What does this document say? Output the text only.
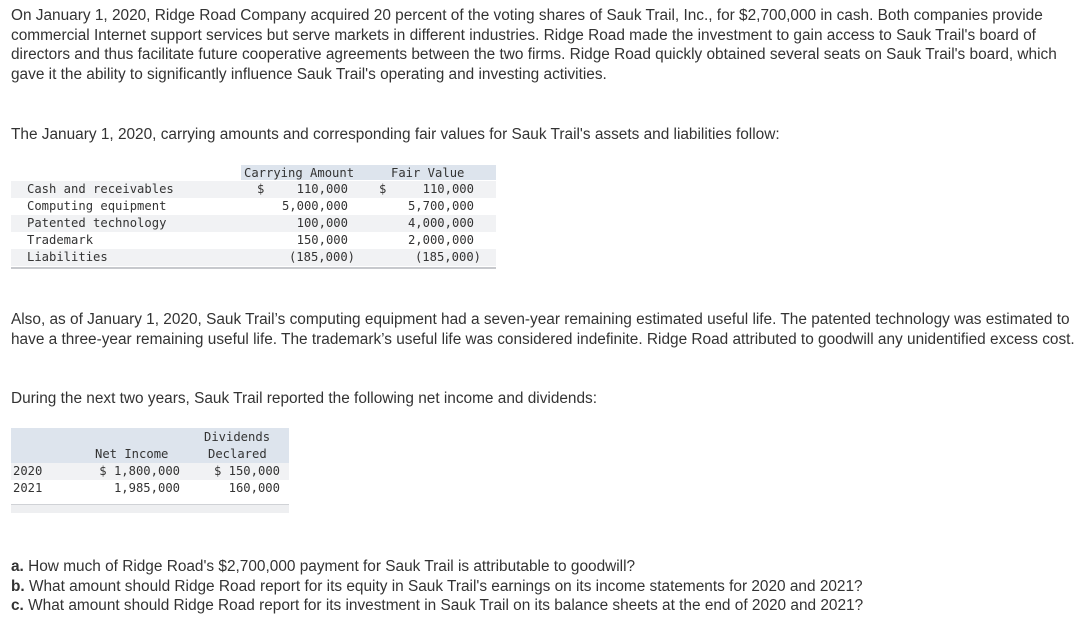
On January 1, 2020, Ridge Road Company acquired 20 percent of the voting shares of Sauk Trail, Inc., for $2,700,000 in cash. Both companies provide commercial Internet support services but serve markets in different industries. Ridge Road made the investment to gain access to Sauk Trail's board of directors and thus facilitate future cooperative agreements between the two firms. Ridge Road quickly obtained several seats on Sauk Trail's board, which gave it the ability to significantly influence Sauk Trail's operating and investing activities.

The January 1, 2020, carrying amounts and corresponding fair values for Sauk Trail's assets and liabilities follow:

Carrying Amount	Fair Value
Cash and receivables	$	110,000	$	110,000
Computing equipment	5,000,000	5,700,000
Patented technology	100,000	4,000,000
Trademark	150,000	2,000,000
Liabilities	(185,000)	(185,000)

Also, as of January 1, 2020, Sauk Trail’s computing equipment had a seven-year remaining estimated useful life. The patented technology was estimated to have a three-year remaining useful life. The trademark’s useful life was considered indefinite. Ridge Road attributed to goodwill any unidentified excess cost.

During the next two years, Sauk Trail reported the following net income and dividends:

Dividends
Net Income	Declared
2020	$ 1,800,000	$ 150,000
2021	1,985,000	160,000
a. How much of Ridge Road's $2,700,000 payment for Sauk Trail is attributable to goodwill?
b. What amount should Ridge Road report for its equity in Sauk Trail's earnings on its income statements for 2020 and 2021?
c. What amount should Ridge Road report for its investment in Sauk Trail on its balance sheets at the end of 2020 and 2021?
